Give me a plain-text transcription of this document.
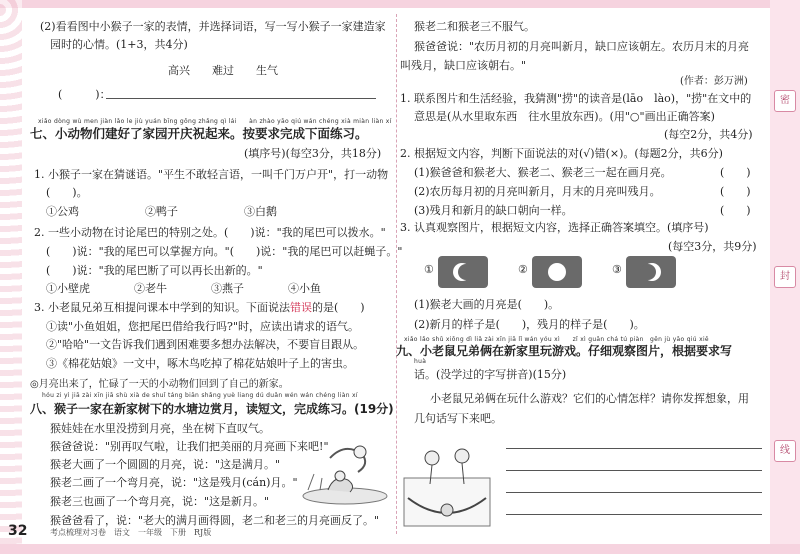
密
封
线
(2)看看图中小猴子一家的表情，并选择词语，写一写小猴子一家建造家
园时的心情。(1+3，共4分)
高兴　　难过　　生气
(　　　)：
xiǎo dòng wù men jiàn lǎo le jiù yuán bīng gōng zhǎng qì lái　　àn zhào yāo qiú wán chéng xià miàn liàn xí
七、小动物们建好了家园开庆祝起来。按要求完成下面练习。
(填序号)(每空3分，共18分)
1. 小猴子一家在猜谜语。"平生不敢轻言语，一叫千门万户开"，打一动物
(　　)。
①公鸡　　　　　　②鸭子　　　　　　③白鹅
2. 一些小动物在讨论尾巴的特别之处。(　　)说："我的尾巴可以拨水。"
(　　)说："我的尾巴可以掌握方向。"(　　)说："我的尾巴可以赶蝇子。"
(　　)说："我的尾巴断了可以再长出新的。"
①小壁虎　　　　②老牛　　　　③燕子　　　　④小鱼
3. 小老鼠兄弟互相提问课本中学到的知识。下面说法错误的是(　　)
①读"小鱼姐姐，您把尾巴借给我行吗?"时，应读出请求的语气。
②"哈哈"一文告诉我们遇到困难要多想办法解决，不要盲目跟从。
③《棉花姑娘》一文中，啄木鸟吃掉了棉花姑娘叶子上的害虫。
◎月亮出来了，忙碌了一天的小动物们回到了自己的新家。
hóu zi yì jiā zài xīn jiā shù xià de shuǐ táng biān shǎng yuè liang dú duǎn wén wán chéng liàn xí
八、猴子一家在新家树下的水塘边赏月，读短文，完成练习。(19分)
猴娃娃在水里没捞到月亮，坐在树下直叹气。
猴爸爸说："别再叹气啦，让我们把美丽的月亮画下来吧!"
猴老大画了一个圆圆的月亮，说："这是满月。"
猴老二画了一个弯月亮，说："这是残月(cán)月。"
猴老三也画了一个弯月亮，说："这是新月。"
猴爸爸看了，说："老大的满月画得圆，老二和老三的月亮画反了。"
32	考点梳理对习卷　语文　一年级　下册　RJ版
猴老二和猴老三不服气。
猴爸爸说："农历月初的月亮叫新月，缺口应该朝左。农历月末的月亮
叫残月，缺口应该朝右。"
(作者：彭万洲)
1. 联系图片和生活经验，我猜测"捞"的读音是(lāo　lào)，"捞"在文中的
意思是(从水里取东西　往水里放东西)。(用"○"画出正确答案)
(每空2分，共4分)
2. 根据短文内容，判断下面说法的对(√)错(×)。(每题2分，共6分)
(1)猴爸爸和猴老大、猴老二、猴老三一起在画月亮。	(　　)
(2)农历每月初的月亮叫新月，月末的月亮叫残月。	(　　)
(3)残月和新月的缺口朝向一样。	(　　)
3. 认真观察图片，根据短文内容，选择正确答案填空。(填序号)
(每空3分，共9分)
①	②	③
(1)猴老大画的月亮是(　　)。
(2)新月的样子是(　　)，残月的样子是(　　)。
xiǎo lǎo shǔ xiōng dì liǎ zài xīn jiā lǐ wán yóu xì　　zǐ xì guān chá tú piàn　gēn jù yāo qiú xiě
九、小老鼠兄弟俩在新家里玩游戏。仔细观察图片，根据要求写
huà
话。(没学过的字写拼音)(15分)
小老鼠兄弟俩在玩什么游戏？它们的心情怎样？请你发挥想象，用
几句话写下来吧。
